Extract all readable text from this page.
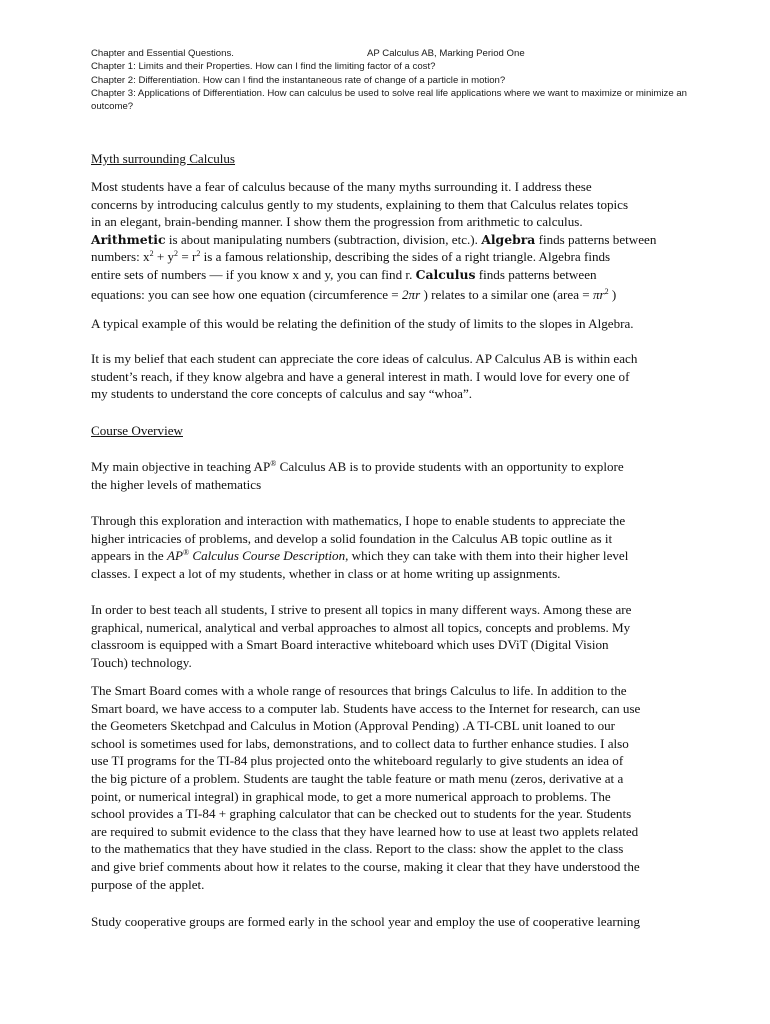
Chapter and Essential Questions.	AP Calculus AB, Marking Period One
Chapter 1: Limits and their Properties. How can I find the limiting factor of a cost?
Chapter 2: Differentiation. How can I find the instantaneous rate of change of a particle in motion?
Chapter 3: Applications of Differentiation. How can calculus be used to solve real life applications where we want to maximize or minimize an outcome?
Myth surrounding Calculus
Most students have a fear of calculus because of the many myths surrounding it. I address these
concerns by introducing calculus gently to my students, explaining to them that Calculus relates topics
in an elegant, brain-bending manner. I show them the progression from arithmetic to calculus.
Arithmetic is about manipulating numbers (subtraction, division, etc.). Algebra finds patterns between
numbers: $x^2 + y^2 = r^2$ is a famous relationship, describing the sides of a right triangle. Algebra finds
entire sets of numbers — if you know x and y, you can find r. Calculus finds patterns between
equations: you can see how one equation (circumference = 2πr ) relates to a similar one (area = $\pi r^2$ )
A typical example of this would be relating the definition of the study of limits to the slopes in Algebra.
It is my belief that each student can appreciate the core ideas of calculus. AP Calculus AB is within each
student’s reach, if they know algebra and have a general interest in math. I would love for every one of
my students to understand the core concepts of calculus and say “whoa”.
Course Overview
My main objective in teaching AP® Calculus AB is to provide students with an opportunity to explore
the higher levels of mathematics
Through this exploration and interaction with mathematics, I hope to enable students to appreciate the
higher intricacies of problems, and develop a solid foundation in the Calculus AB topic outline as it
appears in the AP® Calculus Course Description, which they can take with them into their higher level
classes. I expect a lot of my students, whether in class or at home writing up assignments.
In order to best teach all students, I strive to present all topics in many different ways. Among these are
graphical, numerical, analytical and verbal approaches to almost all topics, concepts and problems. My
classroom is equipped with a Smart Board interactive whiteboard which uses DViT (Digital Vision
Touch) technology.
The Smart Board comes with a whole range of resources that brings Calculus to life. In addition to the
Smart board, we have access to a computer lab. Students have access to the Internet for research, can use
the Geometers Sketchpad and Calculus in Motion (Approval Pending) .A TI-CBL unit loaned to our
school is sometimes used for labs, demonstrations, and to collect data to further enhance studies. I also
use TI programs for the TI-84 plus projected onto the whiteboard regularly to give students an idea of
the big picture of a problem. Students are taught the table feature or math menu (zeros, derivative at a
point, or numerical integral) in graphical mode, to get a more numerical approach to problems. The
school provides a TI-84 + graphing calculator that can be checked out to students for the year. Students
are required to submit evidence to the class that they have learned how to use at least two applets related
to the mathematics that they have studied in the class. Report to the class: show the applet to the class
and give brief comments about how it relates to the course, making it clear that they have understood the
purpose of the applet.
Study cooperative groups are formed early in the school year and employ the use of cooperative learning
